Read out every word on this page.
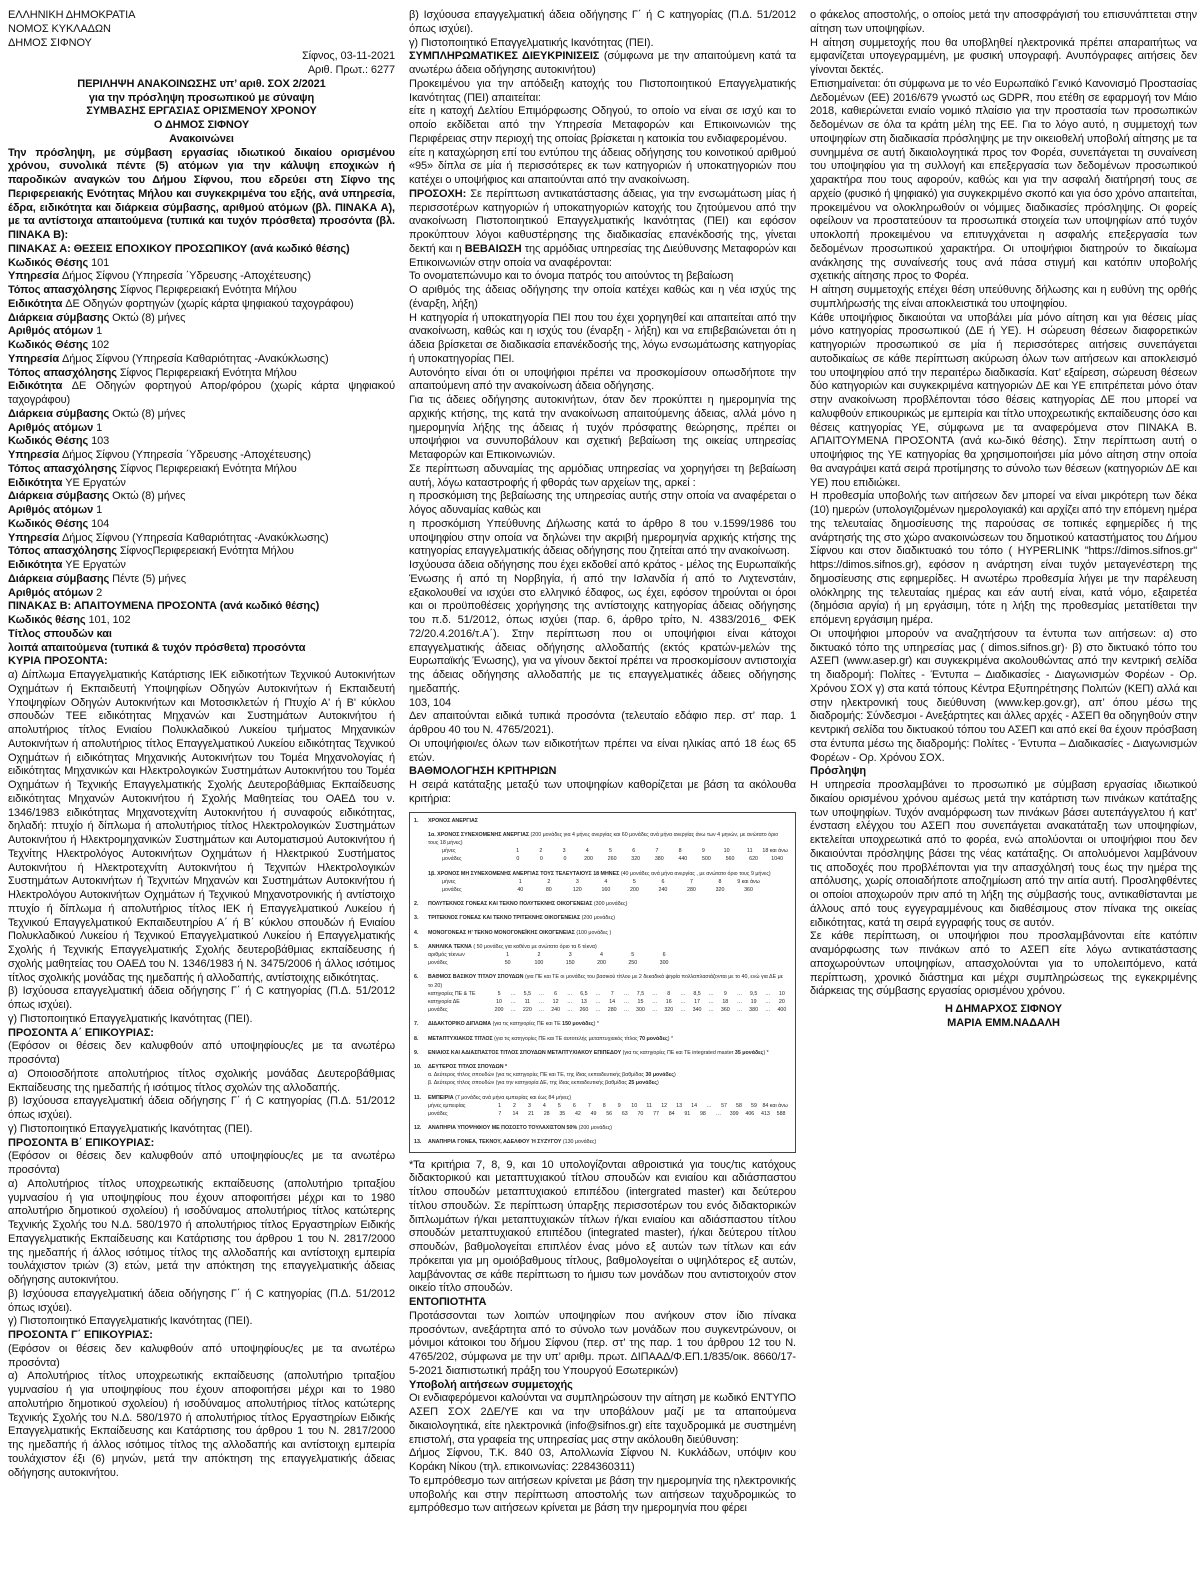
ΕΛΛΗΝΙΚΗ ΔΗΜΟΚΡΑΤΙΑ
ΝΟΜΟΣ ΚΥΚΛΑΔΩΝ
ΔΗΜΟΣ ΣΙΦΝΟΥ
Σίφνος, 03-11-2021
Αριθ. Πρωτ.: 6277
ΠΕΡΙΛΗΨΗ ΑΝΑΚΟΙΝΩΣΗΣ υπ’ αριθ. ΣΟΧ 2/2021
για την πρόσληψη προσωπικού με σύναψη
ΣΥΜΒΑΣΗΣ ΕΡΓΑΣΙΑΣ ΟΡΙΣΜΕΝΟΥ ΧΡΟΝΟΥ
Ο ΔΗΜΟΣ ΣΙΦΝΟΥ
Ανακοινώνει
Την πρόσληψη, με σύμβαση εργασίας ιδιωτικού δικαίου ορισμένου χρόνου, συνολικά πέντε (5) ατόμων για την κάλυψη εποχικών ή παροδικών αναγκών του Δήμου Σίφνου, που εδρεύει στη Σίφνο της Περιφερειακής Ενότητας Μήλου και συγκεκριμένα του εξής, ανά υπηρεσία, έδρα, ειδικότητα και διάρκεια σύμβασης, αριθμού ατόμων (βλ. ΠΙΝΑΚΑ Α), με τα αντίστοιχα απαιτούμενα (τυπικά και τυχόν πρόσθετα) προσόντα (βλ. ΠΙΝΑΚΑ Β):
ΠΙΝΑΚΑΣ Α: ΘΕΣΕΙΣ ΕΠΟΧΙΚΟΥ ΠΡΟΣΩΠΙΚΟΥ (ανά κωδικό θέσης)
Κωδικός Θέσης 101
Υπηρεσία Δήμος Σίφνου (Υπηρεσία ΄Υδρευσης -Αποχέτευσης)
Τόπος απασχόλησης Σίφνος Περιφερειακή Ενότητα Μήλου
Ειδικότητα ΔΕ Οδηγών φορτηγών (χωρίς κάρτα ψηφιακού ταχογράφου)
Διάρκεια σύμβασης Οκτώ (8) μήνες
Αριθμός ατόμων 1
Κωδικός Θέσης 102
Υπηρεσία Δήμος Σίφνου (Υπηρεσία Καθαριότητας -Ανακύκλωσης)
Τόπος απασχόλησης Σίφνος Περιφερειακή Ενότητα Μήλου
Ειδικότητα ΔΕ Οδηγών φορτηγού Απορ/φόρου (χωρίς κάρτα ψηφιακού ταχογράφου)
Διάρκεια σύμβασης Οκτώ (8) μήνες
Αριθμός ατόμων 1
Κωδικός Θέσης 103
Υπηρεσία Δήμος Σίφνου (Υπηρεσία ΄Υδρευσης -Αποχέτευσης)
Τόπος απασχόλησης Σίφνος Περιφερειακή Ενότητα Μήλου
Ειδικότητα ΥΕ Εργατών
Διάρκεια σύμβασης Οκτώ (8) μήνες
Αριθμός ατόμων 1
Κωδικός Θέσης 104
Υπηρεσία Δήμος Σίφνου (Υπηρεσία Καθαριότητας -Ανακύκλωσης)
Τόπος απασχόλησης ΣίφνοςΠεριφερειακή Ενότητα Μήλου
Ειδικότητα ΥΕ Εργατών
Διάρκεια σύμβασης Πέντε (5) μήνες
Αριθμός ατόμων 2
ΠΙΝΑΚΑΣ Β: ΑΠΑΙΤΟΥΜΕΝΑ ΠΡΟΣΟΝΤΑ (ανά κωδικό θέσης)
Κωδικός θέσης 101, 102
Τίτλος σπουδών και
λοιπά απαιτούμενα (τυπικά & τυχόν πρόσθετα) προσόντα
ΚΥΡΙΑ ΠΡΟΣΟΝΤΑ:
α) Δίπλωμα Επαγγελματικής Κατάρτισης ΙΕΚ ειδικοτήτων Τεχνικού Αυτοκινήτων Οχημάτων ή Εκπαιδευτή Υποψηφίων Οδηγών Αυτοκινήτων ή Εκπαιδευτή Υποψηφίων Οδηγών Αυτοκινήτων και Μοτοσικλετών ή Πτυχίο Α' ή Β' κύκλου σπουδών ΤΕΕ ειδικότητας Μηχανών και Συστημάτων Αυτοκινήτου ή απολυτήριος τίτλος Ενιαίου Πολυκλαδικού Λυκείου τμήματος Μηχανικών Αυτοκινήτων ή απολυτήριος τίτλος Επαγγελματικού Λυκείου ειδικότητας Τεχνικού Οχημάτων ή ειδικότητας Μηχανικής Αυτοκινήτων του Τομέα Μηχανολογίας ή ειδικότητας Μηχανικών και Ηλεκτρολογικών Συστημάτων Αυτοκινήτου του Τομέα Οχημάτων ή Τεχνικής Επαγγελματικής Σχολής Δευτεροβάθμιας Εκπαίδευσης ειδικότητας Μηχανών Αυτοκινήτου ή Σχολής Μαθητείας του ΟΑΕΔ του ν. 1346/1983 ειδικότητας Μηχανοτεχνίτη Αυτοκινήτου ή συναφούς ειδικότητας, δηλαδή: πτυχίο ή δίπλωμα ή απολυτήριος τίτλος Ηλεκτρολογικών Συστημάτων Αυτοκινήτου ή Ηλεκτρομηχανικών Συστημάτων και Αυτοματισμού Αυτοκινήτου ή Τεχνίτης Ηλεκτρολόγος Αυτοκινήτων Οχημάτων ή Ηλεκτρικού Συστήματος Αυτοκινήτου ή Ηλεκτροτεχνίτη Αυτοκινήτου ή Τεχνιτών Ηλεκτρολογικών Συστημάτων Αυτοκινήτων ή Τεχνιτών Μηχανών και Συστημάτων Αυτοκινήτου ή Ηλεκτρολόγου Αυτοκινήτων Οχημάτων ή Τεχνικού Μηχανοτρονικής ή αντίστοιχο πτυχίο ή δίπλωμα ή απολυτήριος τίτλος ΙΕΚ ή Επαγγελματικού Λυκείου ή Τεχνικού Επαγγελματικού Εκπαιδευτηρίου Α΄ ή Β΄ κύκλου σπουδών ή Ενιαίου Πολυκλαδικού Λυκείου ή Τεχνικού Επαγγελματικού Λυκείου ή Επαγγελματικής Σχολής ή Τεχνικής Επαγγελματικής Σχολής δευτεροβάθμιας εκπαίδευσης ή σχολής μαθητείας του ΟΑΕΔ του Ν. 1346/1983 ή Ν. 3475/2006 ή άλλος ισότιμος τίτλος σχολικής μονάδας της ημεδαπής ή αλλοδαπής, αντίστοιχης ειδικότητας.
β) Ισχύουσα επαγγελματική άδεια οδήγησης Γ΄ ή C κατηγορίας (Π.Δ. 51/2012 όπως ισχύει).
γ) Πιστοποιητικό Επαγγελματικής Ικανότητας (ΠΕΙ).
ΠΡΟΣΟΝΤΑ Α΄ ΕΠΙΚΟΥΡΙΑΣ:
(Εφόσον οι θέσεις δεν καλυφθούν από υποψηφίους/ες με τα ανωτέρω προσόντα)
α) Οποιοσδήποτε απολυτήριος τίτλος σχολικής μονάδας Δευτεροβάθμιας Εκπαίδευσης της ημεδαπής ή ισότιμος τίτλος σχολών της αλλοδαπής.
β) Ισχύουσα επαγγελματική άδεια οδήγησης Γ΄ ή C κατηγορίας (Π.Δ. 51/2012 όπως ισχύει).
γ) Πιστοποιητικό Επαγγελματικής Ικανότητας (ΠΕΙ).
ΠΡΟΣΟΝΤΑ Β΄ ΕΠΙΚΟΥΡΙΑΣ:
(Εφόσον οι θέσεις δεν καλυφθούν από υποψηφίους/ες με τα ανωτέρω προσόντα)
α) Απολυτήριος τίτλος υποχρεωτικής εκπαίδευσης (απολυτήριο τριταξίου γυμνασίου ή για υποψηφίους που έχουν αποφοιτήσει μέχρι και το 1980 απολυτήριο δημοτικού σχολείου) ή ισοδύναμος απολυτήριος τίτλος κατώτερης Τεχνικής Σχολής του Ν.Δ. 580/1970 ή απολυτήριος τίτλος Εργαστηρίων Ειδικής Επαγγελματικής Εκπαίδευσης και Κατάρτισης του άρθρου 1 του Ν. 2817/2000 της ημεδαπής ή άλλος ισότιμος τίτλος της αλλοδαπής και αντίστοιχη εμπειρία τουλάχιστον τριών (3) ετών, μετά την απόκτηση της επαγγελματικής άδειας οδήγησης αυτοκινήτου.
β) Ισχύουσα επαγγελματική άδεια οδήγησης Γ΄ ή C κατηγορίας (Π.Δ. 51/2012 όπως ισχύει).
γ) Πιστοποιητικό Επαγγελματικής Ικανότητας (ΠΕΙ).
ΠΡΟΣΟΝΤΑ Γ΄ ΕΠΙΚΟΥΡΙΑΣ:
(Εφόσον οι θέσεις δεν καλυφθούν από υποψηφίους/ες με τα ανωτέρω προσόντα)
α) Απολυτήριος τίτλος υποχρεωτικής εκπαίδευσης (απολυτήριο τριταξίου γυμνασίου ή για υποψηφίους που έχουν αποφοιτήσει μέχρι και το 1980 απολυτήριο δημοτικού σχολείου) ή ισοδύναμος απολυτήριος τίτλος κατώτερης Τεχνικής Σχολής του Ν.Δ. 580/1970 ή απολυτήριος τίτλος Εργαστηρίων Ειδικής Επαγγελματικής Εκπαίδευσης και Κατάρτισης του άρθρου 1 του Ν. 2817/2000 της ημεδαπής ή άλλος ισότιμος τίτλος της αλλοδαπής και αντίστοιχη εμπειρία τουλάχιστον έξι (6) μηνών, μετά την απόκτηση της επαγγελματικής άδειας οδήγησης αυτοκινήτου.
β) Ισχύουσα επαγγελματική άδεια οδήγησης Γ΄ ή C κατηγορίας (Π.Δ. 51/2012 όπως ισχύει).
γ) Πιστοποιητικό Επαγγελματικής Ικανότητας (ΠΕΙ).
ΣΥΜΠΛΗΡΩΜΑΤΙΚΕΣ ΔΙΕΥΚΡΙΝΙΣΕΙΣ (σύμφωνα με την απαιτούμενη κατά τα ανωτέρω άδεια οδήγησης αυτοκινήτου)
Προκειμένου για την απόδειξη κατοχής του Πιστοποιητικού Επαγγελματικής Ικανότητας (ΠΕΙ) απαιτείται:
είτε η κατοχή Δελτίου Επιμόρφωσης Οδηγού, το οποίο να είναι σε ισχύ και το οποίο εκδίδεται από την Υπηρεσία Μεταφορών και Επικοινωνιών της Περιφέρειας στην περιοχή της οποίας βρίσκεται η κατοικία του ενδιαφερομένου.
είτε η καταχώρηση επί του εντύπου της άδειας οδήγησης του κοινοτικού αριθμού «95» δίπλα σε μία ή περισσότερες εκ των κατηγοριών ή υποκατηγοριών που κατέχει ο υποψήφιος και απαιτούνται από την ανακοίνωση.
ΠΡΟΣΟΧΗ: Σε περίπτωση αντικατάστασης άδειας, για την ενσωμάτωση μίας ή περισσοτέρων κατηγοριών ή υποκατηγοριών κατοχής του ζητούμενου από την ανακοίνωση Πιστοποιητικού Επαγγελματικής Ικανότητας (ΠΕΙ) και εφόσον προκύπτουν λόγοι καθυστέρησης της διαδικασίας επανέκδοσής της, γίνεται δεκτή και η ΒΕΒΑΙΩΣΗ της αρμόδιας υπηρεσίας της Διεύθυνσης Μεταφορών και Επικοινωνιών στην οποία να αναφέρονται:
Το ονοματεπώνυμο και το όνομα πατρός του αιτούντος τη βεβαίωση
Ο αριθμός της άδειας οδήγησης την οποία κατέχει καθώς και η νέα ισχύς της (έναρξη, λήξη)
Η κατηγορία ή υποκατηγορία ΠΕΙ που του έχει χορηγηθεί και απαιτείται από την ανακοίνωση, καθώς και η ισχύς του (έναρξη - λήξη) και να επιβεβαιώνεται ότι η άδεια βρίσκεται σε διαδικασία επανέκδοσής της, λόγω ενσωμάτωσης κατηγορίας ή υποκατηγορίας ΠΕΙ.
Αυτονόητο είναι ότι οι υποψήφιοι πρέπει να προσκομίσουν οπωσδήποτε την απαιτούμενη από την ανακοίνωση άδεια οδήγησης.
Για τις άδειες οδήγησης αυτοκινήτων, όταν δεν προκύπτει η ημερομηνία της αρχικής κτήσης, της κατά την ανακοίνωση απαιτούμενης άδειας, αλλά μόνο η ημερομηνία λήξης της άδειας ή τυχόν πρόσφατης θεώρησης, πρέπει οι υποψήφιοι να συνυποβάλουν και σχετική βεβαίωση της οικείας υπηρεσίας Μεταφορών και Επικοινωνιών.
Σε περίπτωση αδυναμίας της αρμόδιας υπηρεσίας να χορηγήσει τη βεβαίωση αυτή, λόγω καταστροφής ή φθοράς των αρχείων της, αρκεί :
η προσκόμιση της βεβαίωσης της υπηρεσίας αυτής στην οποία να αναφέρεται ο λόγος αδυναμίας καθώς και
η προσκόμιση Υπεύθυνης Δήλωσης κατά το άρθρο 8 του ν.1599/1986 του υποψηφίου στην οποία να δηλώνει την ακριβή ημερομηνία αρχικής κτήσης της κατηγορίας επαγγελματικής άδειας οδήγησης που ζητείται από την ανακοίνωση.
Ισχύουσα άδεια οδήγησης που έχει εκδοθεί από κράτος - μέλος της Ευρωπαϊκής Ένωσης ή από τη Νορβηγία, ή από την Ισλανδία ή από το Λιχτενστάιν, εξακολουθεί να ισχύει στο ελληνικό έδαφος, ως έχει, εφόσον τηρούνται οι όροι και οι προϋποθέσεις χορήγησης της αντίστοιχης κατηγορίας άδειας οδήγησης του π.δ. 51/2012, όπως ισχύει (παρ. 6, άρθρο τρίτο, Ν. 4383/2016_ ΦΕΚ 72/20.4.2016/τ.Α΄). Στην περίπτωση που οι υποψήφιοι είναι κάτοχοι επαγγελματικής άδειας οδήγησης αλλοδαπής (εκτός κρατών-μελών της Ευρωπαϊκής Ένωσης), για να γίνουν δεκτοί πρέπει να προσκομίσουν αντιστοιχία της άδειας οδήγησης αλλοδαπής με τις επαγγελματικές άδειες οδήγησης ημεδαπής.
103, 104
Δεν απαιτούνται ειδικά τυπικά προσόντα (τελευταίο εδάφιο περ. στ’ παρ. 1 άρθρου 40 του Ν. 4765/2021).
Οι υποψήφιοι/ες όλων των ειδικοτήτων πρέπει να είναι ηλικίας από 18 έως 65 ετών.
ΒΑΘΜΟΛΟΓΗΣΗ ΚΡΙΤΗΡΙΩΝ
Η σειρά κατάταξης μεταξύ των υποψηφίων καθορίζεται με βάση τα ακόλουθα κριτήρια:
1.	ΧΡΟΝΟΣ ΑΝΕΡΓΙΑΣ
1α. ΧΡΟΝΟΣ ΣΥΝΕΧΟΜΕΝΗΣ ΑΝΕΡΓΙΑΣ (200 μονάδες για 4 μήνες ανεργίας και 60 μονάδες ανά μήνα ανεργίας άνω των 4 μηνών, με ανώτατο όριο τους 18 μήνες)
μήνες	1	2	3	4	5	6	7	8	9	10	11	18 και άνω
μονάδες	0	0	0	200	260	320	380	440	500	560	620	1040
1β. ΧΡΟΝΟΣ ΜΗ ΣΥΝΕΧΟΜΕΝΗΣ ΑΝΕΡΓΙΑΣ ΤΟΥΣ ΤΕΛΕΥΤΑΙΟΥΣ 18 ΜΗΝΕΣ (40 μονάδες ανά μήνα ανεργίας , με ανώτατο όριο τους 9 μήνες)
μήνες	1	2	3	4	5	6	7	8	9 και άνω
μονάδες	40	80	120	160	200	240	280	320	360
2.	ΠΟΛΥΤΕΚΝΟΣ ΓΟΝΕΑΣ ΚΑΙ ΤΕΚΝΟ ΠΟΛΥΤΕΚΝΗΣ ΟΙΚΟΓΕΝΕΙΑΣ (300 μονάδες)
3.	ΤΡΙΤΕΚΝΟΣ ΓΟΝΕΑΣ ΚΑΙ ΤΕΚΝΟ ΤΡΙΤΕΚΝΗΣ ΟΙΚΟΓΕΝΕΙΑΣ (200 μονάδες)
4.	ΜΟΝΟΓΟΝΕΑΣ Η’ ΤΕΚΝΟ ΜΟΝΟΓΟΝΕΪΚΗΣ ΟΙΚΟΓΕΝΕΙΑΣ (100 μονάδες )
5.	ΑΝΗΛΙΚΑ ΤΕΚΝΑ ( 50 μονάδες για καθένα με ανώτατο όριο τα 6 τέκνα)
αριθμός τέκνων	1	2	3	4	5	6
μονάδες	50	100	150	200	250	300
6.	ΒΑΘΜΟΣ ΒΑΣΙΚΟΥ ΤΙΤΛΟΥ ΣΠΟΥΔΩΝ (για ΠΕ και ΤΕ οι μονάδες του βασικού τίτλου με 2 δεκαδικά ψηφία πολλαπλασιάζονται με το 40, ενώ για ΔΕ με το 20)
κατηγορίες ΠΕ & ΤΕ	5	…	5,5	…	6	…	6,5	…	7	…	7,5	…	8	…	8,5	…	9	…	9,5	…	10
κατηγορία ΔΕ	10	…	11	…	12	…	13	…	14	…	15	…	16	…	17	…	18	…	19	…	20
μονάδες	200	…	220	…	240	…	260	…	280	…	300	…	320	…	340	…	360	…	380	…	400
7.	ΔΙΔΑΚΤΟΡΙΚΟ ΔΙΠΛΩΜΑ (για τις κατηγορίες ΠΕ και ΤΕ 150 μονάδες) *
8.	ΜΕΤΑΠΤΥΧΙΑΚΟΣ ΤΙΤΛΟΣ (για τις κατηγορίες ΠΕ και ΤΕ αυτοτελής μεταπτυχιακός τίτλος 70 μονάδες) *
9.	ΕΝΙΑΙΟΣ ΚΑΙ ΑΔΙΑΣΠΑΣΤΟΣ ΤΙΤΛΟΣ ΣΠΟΥΔΩΝ ΜΕΤΑΠΤΥΧΙΑΚΟΥ ΕΠΙΠΕΔΟΥ (για τις κατηγορίες ΠΕ και ΤΕ integrated master 35 μονάδες) *
10.	ΔΕΥΤΕΡΟΣ ΤΙΤΛΟΣ ΣΠΟΥΔΩΝ *
α. Δεύτερος τίτλος σπουδών (για τις κατηγορίες ΠΕ και ΤΕ, της ίδιας εκπαιδευτικής βαθμίδας 30 μονάδες)
β. Δεύτερος τίτλος σπουδών (για την κατηγορία ΔΕ, της ίδιας εκπαιδευτικής βαθμίδας 25 μονάδες)
11.	ΕΜΠΕΙΡΙΑ (7 μονάδες ανά μήνα εμπειρίας και έως 84 μήνες)
μήνες εμπειρίας	1	2	3	4	5	6	7	8	9	10	11	12	13	14	…	57	58	59	84 και άνω
μονάδες	7	14	21	28	35	42	49	56	63	70	77	84	91	98	…	399	406	413	588
12.	ΑΝΑΠΗΡΙΑ ΥΠΟΨΗΦΙΟΥ ΜΕ ΠΟΣΟΣΤΟ ΤΟΥΛΑΧΙΣΤΟΝ 50% (200 μονάδες)
13.	ΑΝΑΠΗΡΙΑ ΓΟΝΕΑ, ΤΕΚΝΟΥ, ΑΔΕΛΦΟΥ Ή ΣΥΖΥΓΟΥ (130 μονάδες)
*Τα κριτήρια 7, 8, 9, και 10 υπολογίζονται αθροιστικά για τους/τις κατόχους διδακτορικού και μεταπτυχιακού τίτλου σπουδών και ενιαίου και αδιάσπαστου τίτλου σπουδών μεταπτυχιακού επιπέδου (intergrated master) και δεύτερου τίτλου σπουδών. Σε περίπτωση ύπαρξης περισσοτέρων του ενός διδακτορικών διπλωμάτων ή/και μεταπτυχιακών τίτλων ή/και ενιαίου και αδιάσπαστου τίτλου σπουδών μεταπτυχιακού επιπέδου (integrated master), ή/και δεύτερου τίτλου σπουδών, βαθμολογείται επιπλέον ένας μόνο εξ αυτών των τίτλων και εάν πρόκειται για μη ομοιόβαθμους τίτλους, βαθμολογείται ο υψηλότερος εξ αυτών, λαμβάνοντας σε κάθε περίπτωση το ήμισυ των μονάδων που αντιστοιχούν στον οικείο τίτλο σπουδών.
ΕΝΤΟΠΙΟΤΗΤΑ
Προτάσσονται των λοιπών υποψηφίων που ανήκουν στον ίδιο πίνακα προσόντων, ανεξάρτητα από το σύνολο των μονάδων που συγκεντρώνουν, οι μόνιμοι κάτοικοι του δήμου Σίφνου (περ. στ’ της παρ. 1 του άρθρου 12 του Ν. 4765/202, σύμφωνα με την υπ’ αριθμ. πρωτ. ΔΙΠΑΑΔ/Φ.ΕΠ.1/835/οικ. 8660/17-5-2021 διαπιστωτική πράξη του Υπουργού Εσωτερικών)
Υποβολή αιτήσεων συμμετοχής
Οι ενδιαφερόμενοι καλούνται να συμπληρώσουν την αίτηση με κωδικό ΕΝΤΥΠΟ ΑΣΕΠ ΣΟΧ 2ΔΕ/ΥΕ και να την υποβάλουν μαζί με τα απαιτούμενα δικαιολογητικά, είτε ηλεκτρονικά (info@sifnos.gr) είτε ταχυδρομικά με συστημένη επιστολή, στα γραφεία της υπηρεσίας μας στην ακόλουθη διεύθυνση:
Δήμος Σίφνου, Τ.Κ. 840 03, Απολλωνία Σίφνου Ν. Κυκλάδων, υπόψιν κου Κοράκη Νίκου (τηλ. επικοινωνίας: 2284360311)
Το εμπρόθεσμο των αιτήσεων κρίνεται με βάση την ημερομηνία της ηλεκτρονικής υποβολής και στην περίπτωση αποστολής των αιτήσεων ταχυδρομικώς το εμπρόθεσμο των αιτήσεων κρίνεται με βάση την ημερομηνία που φέρει
ο φάκελος αποστολής, ο οποίος μετά την αποσφράγισή του επισυνάπτεται στην αίτηση των υποψηφίων.
Η αίτηση συμμετοχής που θα υποβληθεί ηλεκτρονικά πρέπει απαραιτήτως να εμφανίζεται υπογεγραμμένη, με φυσική υπογραφή. Ανυπόγραφες αιτήσεις δεν γίνονται δεκτές.
Επισημαίνεται: ότι σύμφωνα με το νέο Ευρωπαϊκό Γενικό Κανονισμό Προστασίας Δεδομένων (ΕΕ) 2016/679 γνωστό ως GDPR, που ετέθη σε εφαρμογή τον Μάιο 2018, καθιερώνεται ενιαίο νομικό πλαίσιο για την προστασία των προσωπικών δεδομένων σε όλα τα κράτη μέλη της ΕΕ. Για το λόγο αυτό, η συμμετοχή των υποψηφίων στη διαδικασία πρόσληψης με την οικειοθελή υποβολή αίτησης με τα συνημμένα σε αυτή δικαιολογητικά προς τον Φορέα, συνεπάγεται τη συναίνεση του υποψηφίου για τη συλλογή και επεξεργασία των δεδομένων προσωπικού χαρακτήρα που τους αφορούν, καθώς και για την ασφαλή διατήρησή τους σε αρχείο (φυσικό ή ψηφιακό) για συγκεκριμένο σκοπό και για όσο χρόνο απαιτείται, προκειμένου να ολοκληρωθούν οι νόμιμες διαδικασίες πρόσληψης. Οι φορείς οφείλουν να προστατεύουν τα προσωπικά στοιχεία των υποψηφίων από τυχόν υποκλοπή προκειμένου να επιτυγχάνεται η ασφαλής επεξεργασία των δεδομένων προσωπικού χαρακτήρα. Οι υποψήφιοι διατηρούν το δικαίωμα ανάκλησης της συναίνεσής τους ανά πάσα στιγμή και κατόπιν υποβολής σχετικής αίτησης προς το Φορέα.
Η αίτηση συμμετοχής επέχει θέση υπεύθυνης δήλωσης και η ευθύνη της ορθής συμπλήρωσής της είναι αποκλειστικά του υποψηφίου.
Κάθε υποψήφιος δικαιούται να υποβάλει μία μόνο αίτηση και για θέσεις μίας μόνο κατηγορίας προσωπικού (ΔΕ ή ΥΕ). Η σώρευση θέσεων διαφορετικών κατηγοριών προσωπικού σε μία ή περισσότερες αιτήσεις συνεπάγεται αυτοδικαίως σε κάθε περίπτωση ακύρωση όλων των αιτήσεων και αποκλεισμό του υποψηφίου από την περαιτέρω διαδικασία. Κατ’ εξαίρεση, σώρευση θέσεων δύο κατηγοριών και συγκεκριμένα κατηγοριών ΔΕ και ΥΕ επιτρέπεται μόνο όταν στην ανακοίνωση προβλέπονται τόσο θέσεις κατηγορίας ΔΕ που μπορεί να καλυφθούν επικουρικώς με εμπειρία και τίτλο υποχρεωτικής εκπαίδευσης όσο και θέσεις κατηγορίας ΥΕ, σύμφωνα με τα αναφερόμενα στον ΠΙΝΑΚΑ Β. ΑΠΑΙΤΟΥΜΕΝΑ ΠΡΟΣΟΝΤΑ (ανά κω-δικό θέσης). Στην περίπτωση αυτή ο υποψήφιος της ΥΕ κατηγορίας θα χρησιμοποιήσει μία μόνο αίτηση στην οποία θα αναγράψει κατά σειρά προτίμησης το σύνολο των θέσεων (κατηγοριών ΔΕ και ΥΕ) που επιδιώκει.
Η προθεσμία υποβολής των αιτήσεων δεν μπορεί να είναι μικρότερη των δέκα (10) ημερών (υπολογιζομένων ημερολογιακά) και αρχίζει από την επόμενη ημέρα της τελευταίας δημοσίευσης της παρούσας σε τοπικές εφημερίδες ή της ανάρτησής της στο χώρο ανακοινώσεων του δημοτικού καταστήματος του Δήμου Σίφνου και στον διαδικτυακό του τόπο ( HYPERLINK "https://dimos.sifnos.gr" https://dimos.sifnos.gr), εφόσον η ανάρτηση είναι τυχόν μεταγενέστερη της δημοσίευσης στις εφημερίδες. Η ανωτέρω προθεσμία λήγει με την παρέλευση ολόκληρης της τελευταίας ημέρας και εάν αυτή είναι, κατά νόμο, εξαιρετέα (δημόσια αργία) ή μη εργάσιμη, τότε η λήξη της προθεσμίας μετατίθεται την επόμενη εργάσιμη ημέρα.
Οι υποψήφιοι μπορούν να αναζητήσουν τα έντυπα των αιτήσεων: α) στο δικτυακό τόπο της υπηρεσίας μας ( dimos.sifnos.gr)· β) στο δικτυακό τόπο του ΑΣΕΠ (www.asep.gr) και συγκεκριμένα ακολουθώντας από την κεντρική σελίδα τη διαδρομή: Πολίτες - Έντυπα – Διαδικασίες - Διαγωνισμών Φορέων - Ορ. Χρόνου ΣΟΧ γ) στα κατά τόπους Κέντρα Εξυπηρέτησης Πολιτών (ΚΕΠ) αλλά και στην ηλεκτρονική τους διεύθυνση (www.kep.gov.gr), απ’ όπου μέσω της διαδρομής: Σύνδεσμοι - Ανεξάρτητες και άλλες αρχές - ΑΣΕΠ θα οδηγηθούν στην κεντρική σελίδα του δικτυακού τόπου του ΑΣΕΠ και από εκεί θα έχουν πρόσβαση στα έντυπα μέσω της διαδρομής: Πολίτες - Έντυπα – Διαδικασίες - Διαγωνισμών Φορέων - Ορ. Χρόνου ΣΟΧ.
Πρόσληψη
Η υπηρεσία προσλαμβάνει το προσωπικό με σύμβαση εργασίας ιδιωτικού δικαίου ορισμένου χρόνου αμέσως μετά την κατάρτιση των πινάκων κατάταξης των υποψηφίων. Τυχόν αναμόρφωση των πινάκων βάσει αυτεπάγγελτου ή κατ’ ένσταση ελέγχου του ΑΣΕΠ που συνεπάγεται ανακατάταξη των υποψηφίων, εκτελείται υποχρεωτικά από το φορέα, ενώ απολύονται οι υποψήφιοι που δεν δικαιούνται πρόσληψης βάσει της νέας κατάταξης. Οι απολυόμενοι λαμβάνουν τις αποδοχές που προβλέπονται για την απασχόλησή τους έως την ημέρα της απόλυσης, χωρίς οποιαδήποτε αποζημίωση από την αιτία αυτή. Προσληφθέντες οι οποίοι αποχωρούν πριν από τη λήξη της σύμβασής τους, αντικαθίστανται με άλλους από τους εγγεγραμμένους και διαθέσιμους στον πίνακα της οικείας ειδικότητας, κατά τη σειρά εγγραφής τους σε αυτόν.
Σε κάθε περίπτωση, οι υποψήφιοι που προσλαμβάνονται είτε κατόπιν αναμόρφωσης των πινάκων από το ΑΣΕΠ είτε λόγω αντικατάστασης αποχωρούντων υποψηφίων, απασχολούνται για το υπολειπόμενο, κατά περίπτωση, χρονικό διάστημα και μέχρι συμπληρώσεως της εγκεκριμένης διάρκειας της σύμβασης εργασίας ορισμένου χρόνου.
Η ΔΗΜΑΡΧΟΣ ΣΙΦΝΟΥ
ΜΑΡΙΑ ΕΜΜ.ΝΑΔΑΛΗ
